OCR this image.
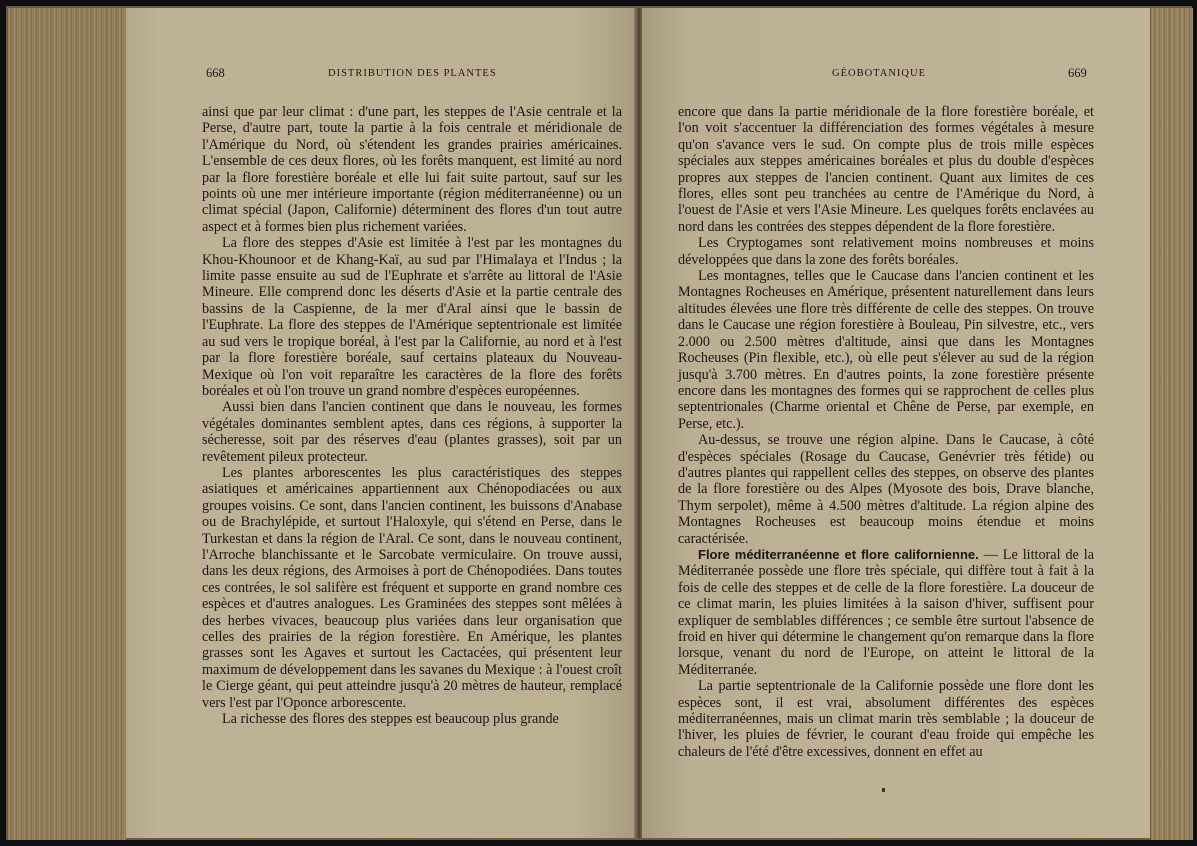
668	DISTRIBUTION DES PLANTES

ainsi que par leur climat : d'une part, les steppes de l'Asie centrale et la Perse, d'autre part, toute la partie à la fois centrale et méridionale de l'Amérique du Nord, où s'étendent les grandes prairies américaines. L'ensemble de ces deux flores, où les forêts manquent, est limité au nord par la flore forestière boréale et elle lui fait suite partout, sauf sur les points où une mer intérieure importante (région méditerranéenne) ou un climat spécial (Japon, Californie) déterminent des flores d'un tout autre aspect et à formes bien plus richement variées.

La flore des steppes d'Asie est limitée à l'est par les montagnes du Khou-Khounoor et de Khang-Kaï, au sud par l'Himalaya et l'Indus ; la limite passe ensuite au sud de l'Euphrate et s'arrête au littoral de l'Asie Mineure. Elle comprend donc les déserts d'Asie et la partie centrale des bassins de la Caspienne, de la mer d'Aral ainsi que le bassin de l'Euphrate. La flore des steppes de l'Amérique septentrionale est limitée au sud vers le tropique boréal, à l'est par la Californie, au nord et à l'est par la flore forestière boréale, sauf certains plateaux du Nouveau-Mexique où l'on voit reparaître les caractères de la flore des forêts boréales et où l'on trouve un grand nombre d'espèces européennes.

Aussi bien dans l'ancien continent que dans le nouveau, les formes végétales dominantes semblent aptes, dans ces régions, à supporter la sécheresse, soit par des réserves d'eau (plantes grasses), soit par un revêtement pileux protecteur.

Les plantes arborescentes les plus caractéristiques des steppes asiatiques et américaines appartiennent aux Chénopodiacées ou aux groupes voisins. Ce sont, dans l'ancien continent, les buissons d'Anabase ou de Brachylépide, et surtout l'Haloxyle, qui s'étend en Perse, dans le Turkestan et dans la région de l'Aral. Ce sont, dans le nouveau continent, l'Arroche blanchissante et le Sarcobate vermiculaire. On trouve aussi, dans les deux régions, des Armoises à port de Chénopodiées. Dans toutes ces contrées, le sol salifère est fréquent et supporte en grand nombre ces espèces et d'autres analogues. Les Graminées des steppes sont mêlées à des herbes vivaces, beaucoup plus variées dans leur organisation que celles des prairies de la région forestière. En Amérique, les plantes grasses sont les Agaves et surtout les Cactacées, qui présentent leur maximum de développement dans les savanes du Mexique : à l'ouest croît le Cierge géant, qui peut atteindre jusqu'à 20 mètres de hauteur, remplacé vers l'est par l'Oponce arborescente.

La richesse des flores des steppes est beaucoup plus grande

GÉOBOTANIQUE	669

encore que dans la partie méridionale de la flore forestière boréale, et l'on voit s'accentuer la différenciation des formes végétales à mesure qu'on s'avance vers le sud. On compte plus de trois mille espèces spéciales aux steppes américaines boréales et plus du double d'espèces propres aux steppes de l'ancien continent. Quant aux limites de ces flores, elles sont peu tranchées au centre de l'Amérique du Nord, à l'ouest de l'Asie et vers l'Asie Mineure. Les quelques forêts enclavées au nord dans les contrées des steppes dépendent de la flore forestière.

Les Cryptogames sont relativement moins nombreuses et moins développées que dans la zone des forêts boréales.

Les montagnes, telles que le Caucase dans l'ancien continent et les Montagnes Rocheuses en Amérique, présentent naturellement dans leurs altitudes élevées une flore très différente de celle des steppes. On trouve dans le Caucase une région forestière à Bouleau, Pin silvestre, etc., vers 2.000 ou 2.500 mètres d'altitude, ainsi que dans les Montagnes Rocheuses (Pin flexible, etc.), où elle peut s'élever au sud de la région jusqu'à 3.700 mètres. En d'autres points, la zone forestière présente encore dans les montagnes des formes qui se rapprochent de celles plus septentrionales (Charme oriental et Chêne de Perse, par exemple, en Perse, etc.).

Au-dessus, se trouve une région alpine. Dans le Caucase, à côté d'espèces spéciales (Rosage du Caucase, Genévrier très fétide) ou d'autres plantes qui rappellent celles des steppes, on observe des plantes de la flore forestière ou des Alpes (Myosote des bois, Drave blanche, Thym serpolet), même à 4.500 mètres d'altitude. La région alpine des Montagnes Rocheuses est beaucoup moins étendue et moins caractérisée.

Flore méditerranéenne et flore californienne. — Le littoral de la Méditerranée possède une flore très spéciale, qui diffère tout à fait à la fois de celle des steppes et de celle de la flore forestière. La douceur de ce climat marin, les pluies limitées à la saison d'hiver, suffisent pour expliquer de semblables différences ; ce semble être surtout l'absence de froid en hiver qui détermine le changement qu'on remarque dans la flore lorsque, venant du nord de l'Europe, on atteint le littoral de la Méditerranée.

La partie septentrionale de la Californie possède une flore dont les espèces sont, il est vrai, absolument différentes des espèces méditerranéennes, mais un climat marin très semblable ; la douceur de l'hiver, les pluies de février, le courant d'eau froide qui empêche les chaleurs de l'été d'être excessives, donnent en effet au
